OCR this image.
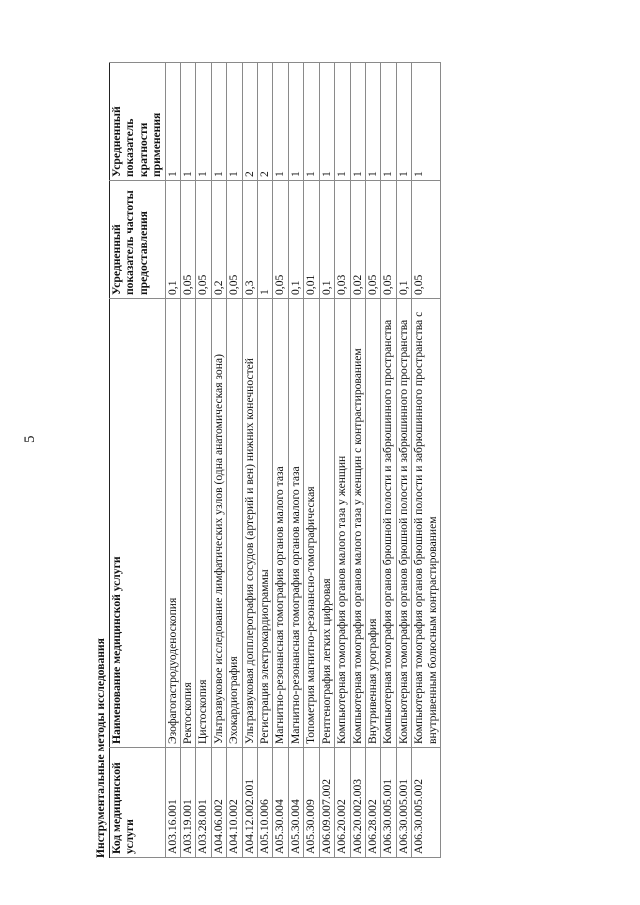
5
Инструментальные методы исследования Код медицинской услуги	Наименование медицинской услуги	Усредненный показатель частоты предоставления	Усредненный показатель кратности применения
A03.16.001	Эзофагогастродуоденоскопия	0,1	1
A03.19.001	Ректоскопия	0,05	1
A03.28.001	Цистоскопия	0,05	1
A04.06.002	Ультразвуковое исследование лимфатических узлов (одна анатомическая зона)	0,2	1
A04.10.002	Эхокардиография	0,05	1
A04.12.002.001	Ультразвуковая допплерография сосудов (артерий и вен) нижних конечностей	0,3	2
A05.10.006	Регистрация электрокардиограммы	1	2
A05.30.004	Магнитно-резонансная томография органов малого таза	0,05	1
A05.30.004	Магнитно-резонансная томография органов малого таза	0,1	1
A05.30.009	Топометрия магнитно-резонансно-томографическая	0,01	1
A06.09.007.002	Рентгенография легких цифровая	0,1	1
A06.20.002	Компьютерная томография органов малого таза у женщин	0,03	1
A06.20.002.003	Компьютерная томография органов малого таза у женщин с контрастированием	0,02	1
A06.28.002	Внутривенная урография	0,05	1
A06.30.005.001	Компьютерная томография органов брюшной полости и забрюшинного пространства	0,05	1
A06.30.005.001	Компьютерная томография органов брюшной полости и забрюшинного пространства	0,1	1
A06.30.005.002	Компьютерная томография органов брюшной полости и забрюшинного пространства с внутривенным болюсным контрастированием	0,05	1
